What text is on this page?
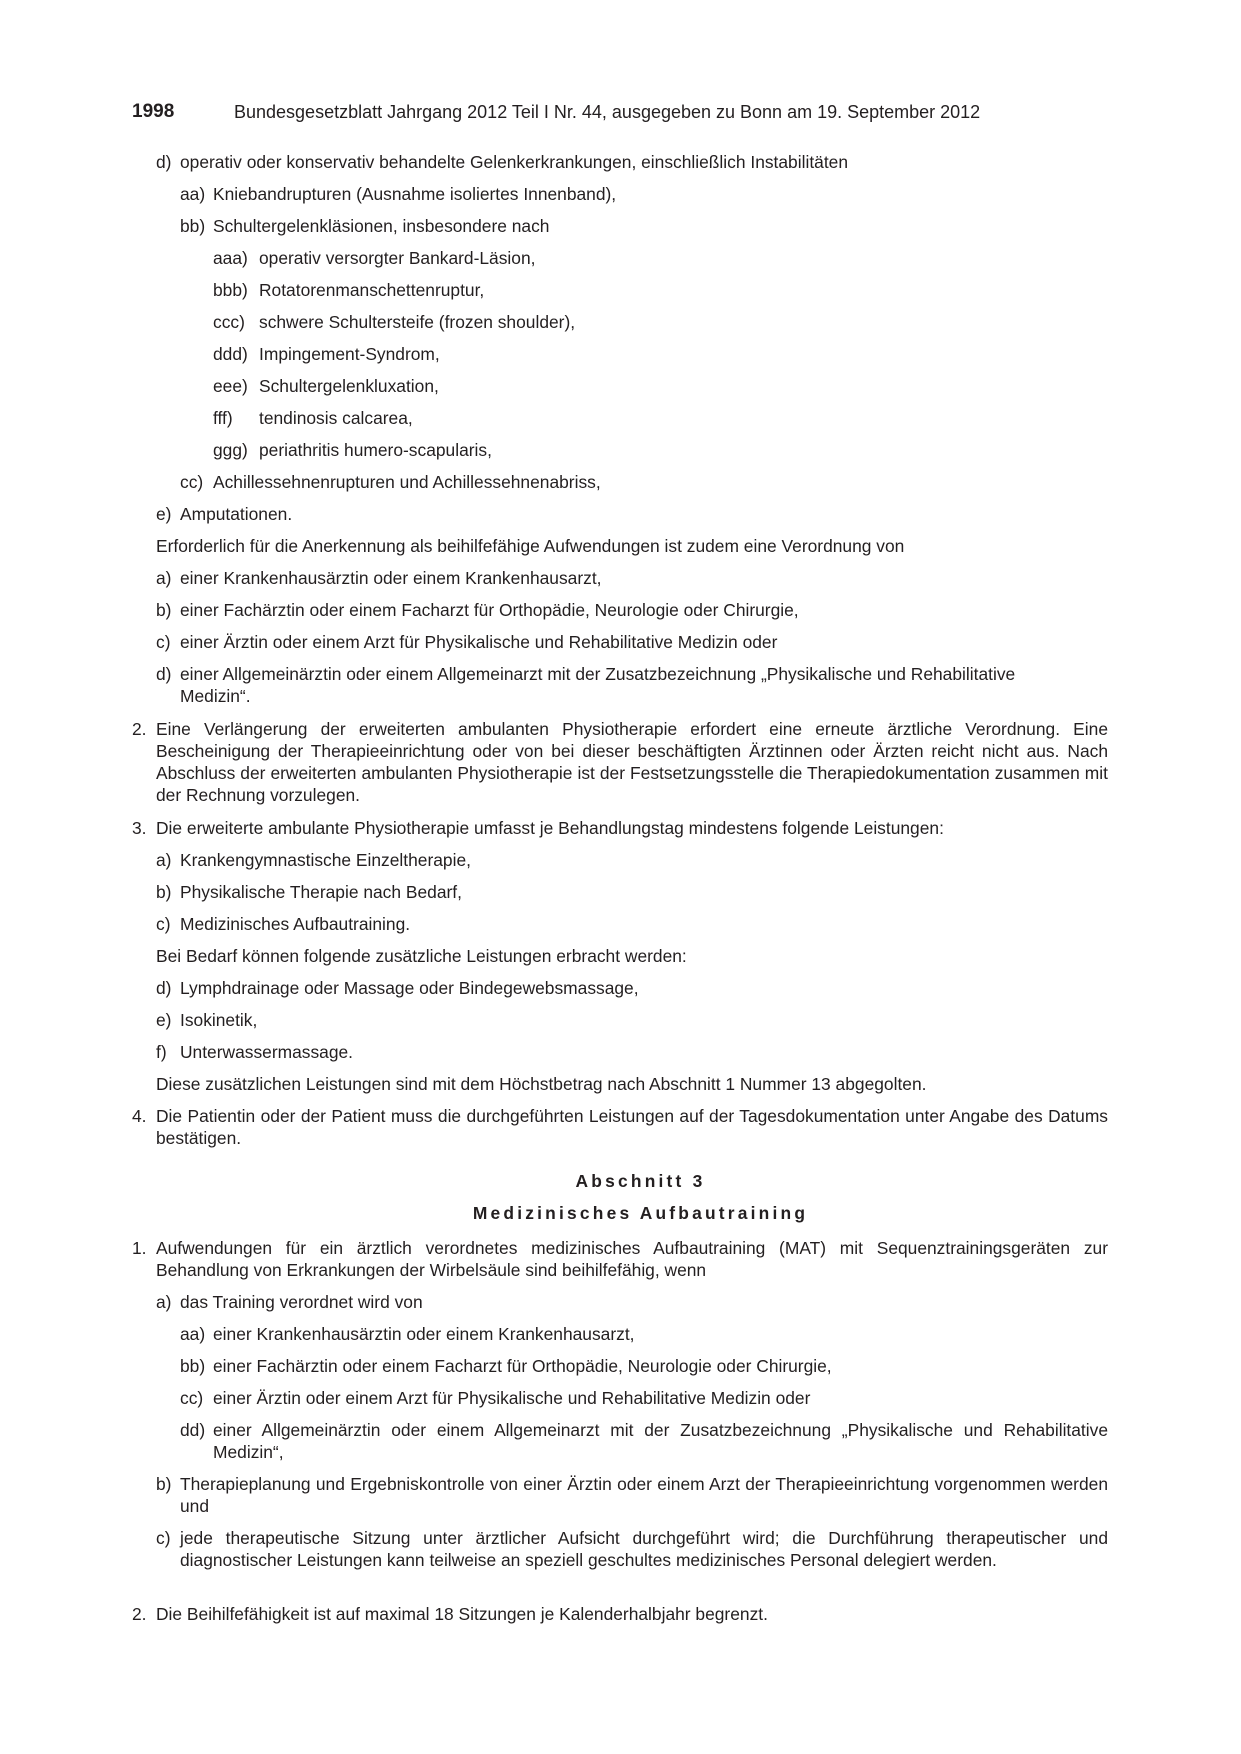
1998	Bundesgesetzblatt Jahrgang 2012 Teil I Nr. 44, ausgegeben zu Bonn am 19. September 2012
d) operativ oder konservativ behandelte Gelenkerkrankungen, einschließlich Instabilitäten
aa) Kniebandrupturen (Ausnahme isoliertes Innenband),
bb) Schultergelenkläsionen, insbesondere nach
aaa) operativ versorgter Bankard-Läsion,
bbb) Rotatorenmanschettenruptur,
ccc) schwere Schultersteife (frozen shoulder),
ddd) Impingement-Syndrom,
eee) Schultergelenkluxation,
fff) tendinosis calcarea,
ggg) periathritis humero-scapularis,
cc) Achillessehnenrupturen und Achillessehnenabriss,
e) Amputationen.
Erforderlich für die Anerkennung als beihilfefähige Aufwendungen ist zudem eine Verordnung von
a) einer Krankenhausärztin oder einem Krankenhausarzt,
b) einer Fachärztin oder einem Facharzt für Orthopädie, Neurologie oder Chirurgie,
c) einer Ärztin oder einem Arzt für Physikalische und Rehabilitative Medizin oder
d) einer Allgemeinärztin oder einem Allgemeinarzt mit der Zusatzbezeichnung „Physikalische und Rehabilitative
Medizin“.
2. Eine Verlängerung der erweiterten ambulanten Physiotherapie erfordert eine erneute ärztliche Verordnung. Eine Bescheinigung der Therapieeinrichtung oder von bei dieser beschäftigten Ärztinnen oder Ärzten reicht nicht aus. Nach Abschluss der erweiterten ambulanten Physiotherapie ist der Festsetzungsstelle die Therapiedokumentation zusammen mit der Rechnung vorzulegen.
3. Die erweiterte ambulante Physiotherapie umfasst je Behandlungstag mindestens folgende Leistungen:
a) Krankengymnastische Einzeltherapie,
b) Physikalische Therapie nach Bedarf,
c) Medizinisches Aufbautraining.
Bei Bedarf können folgende zusätzliche Leistungen erbracht werden:
d) Lymphdrainage oder Massage oder Bindegewebsmassage,
e) Isokinetik,
f) Unterwassermassage.
Diese zusätzlichen Leistungen sind mit dem Höchstbetrag nach Abschnitt 1 Nummer 13 abgegolten.
4. Die Patientin oder der Patient muss die durchgeführten Leistungen auf der Tagesdokumentation unter Angabe des Datums bestätigen.
Abschnitt 3
Medizinisches Aufbautraining
1. Aufwendungen für ein ärztlich verordnetes medizinisches Aufbautraining (MAT) mit Sequenztrainingsgeräten zur Behandlung von Erkrankungen der Wirbelsäule sind beihilfefähig, wenn
a) das Training verordnet wird von
aa) einer Krankenhausärztin oder einem Krankenhausarzt,
bb) einer Fachärztin oder einem Facharzt für Orthopädie, Neurologie oder Chirurgie,
cc) einer Ärztin oder einem Arzt für Physikalische und Rehabilitative Medizin oder
dd) einer Allgemeinärztin oder einem Allgemeinarzt mit der Zusatzbezeichnung „Physikalische und Rehabilitative Medizin“,
b) Therapieplanung und Ergebniskontrolle von einer Ärztin oder einem Arzt der Therapieeinrichtung vorgenommen werden und
c) jede therapeutische Sitzung unter ärztlicher Aufsicht durchgeführt wird; die Durchführung therapeutischer und diagnostischer Leistungen kann teilweise an speziell geschultes medizinisches Personal delegiert werden.
2. Die Beihilfefähigkeit ist auf maximal 18 Sitzungen je Kalenderhalbjahr begrenzt.
